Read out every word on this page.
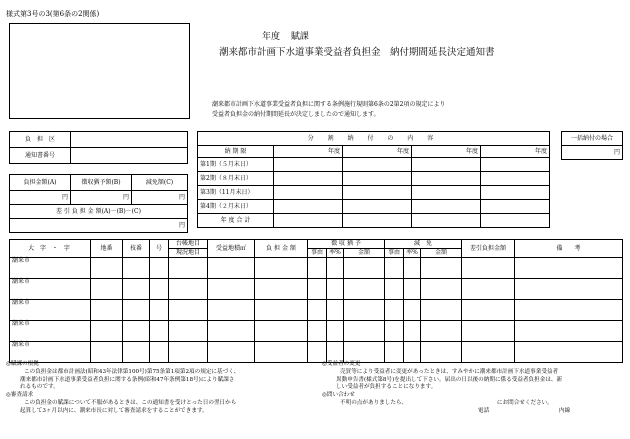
様式第3号の3(第6条の2関係)
年度 賦課
潮来都市計画下水道事業受益者負担金　納付期間延長決定通知書
潮来都市計画下水道事業受益者負担に関する条例施行規則第6条の2第2項の規定により
受益者負担金の納付期間延長が決定しましたので通知します。
負　担　区	
通知書番号	
負担金額(A)	徴収猶予額(B)	減免額(C)
円	円	円
差 引 負 担 金 額(A)－(B)－(C)		
円		
分 割 納 付 の 内 容				
納 期 限	年度	年度	年度	年度
第1期（５月末日）				
第2期（８月末日）				
第3期（11月末日）				
第4期（２月末日）				
年 度 合 計				
一括納付の場合
円
大 字 ・ 字	地番	枝番	号	台帳地目	受益地積㎡	負 担 金 額	徴 収 猶 予			減　免			差引負担金額	備　　考
				現況地目			事由	率%	金額	事由	率%	金額		
潮来市														
潮来市														
潮来市														
潮来市														
潮来市														
◎賦課の根拠
この負担金は都市計画法(昭和43年法律第100号)第75条第1項第2項の規定に基づく、
潮来都市計画下水道事業受益者負担に関する条例(昭和47年条例第18号)により賦課さ
れるものです。
◎審査請求
この負担金の賦課について不服があるときは、この通知書を受けとった日の翌日から
起算して3ヶ月以内に、潮来市長に対して審査請求をすることができます。
◎受益者の変更
売買等により受益者に変更があったときは、すみやかに潮来都市計画下水道事業受益者
異動申告書(様式第8号)を提出して下さい。届出の日以後の納期に係る受益者負担金は、新
しい受益者が負担することになります。
◎問い合わせ
不明の点がありましたら、	にお問合せください。
電話	内線
